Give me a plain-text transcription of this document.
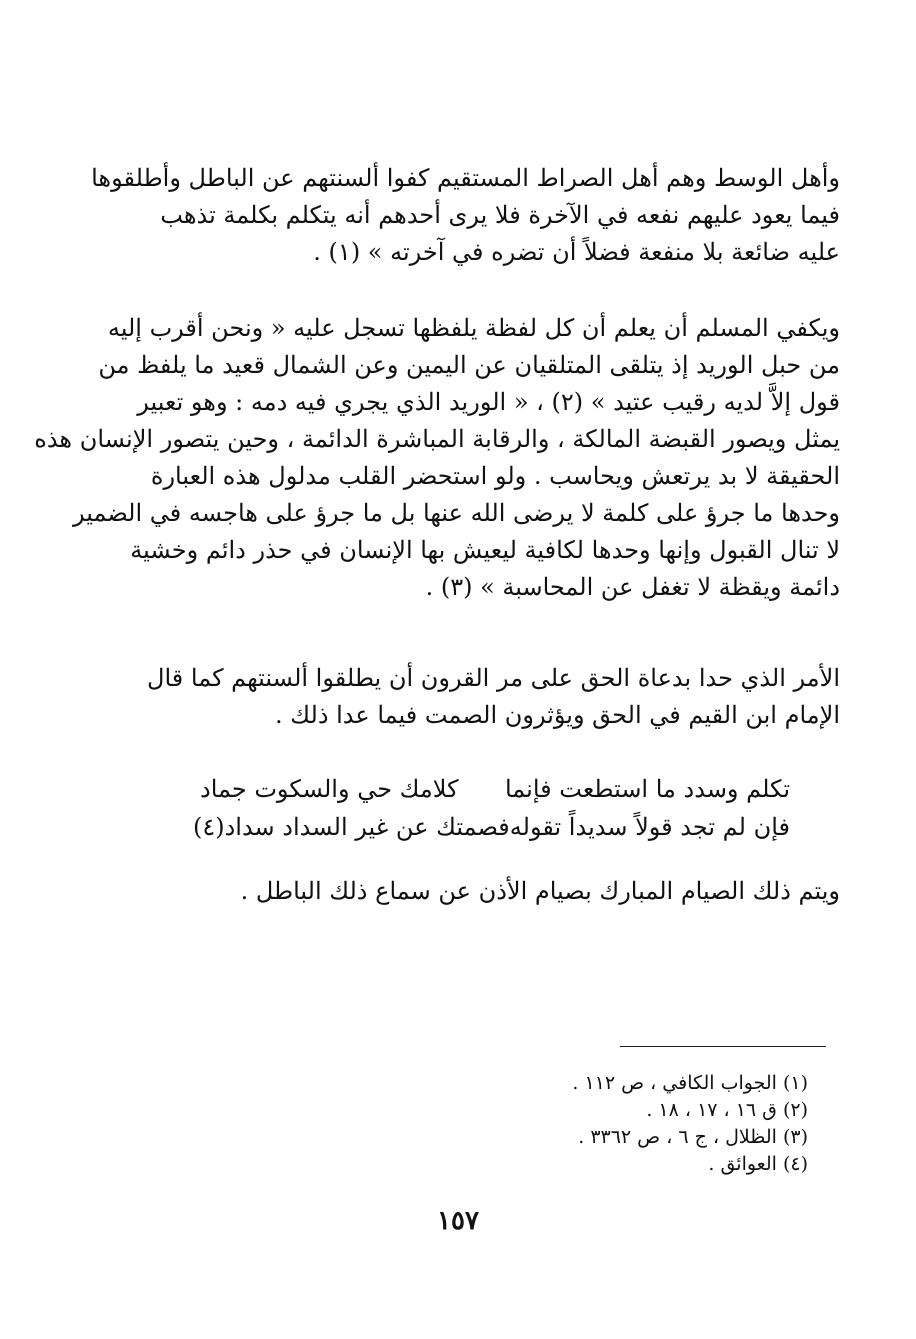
وأهل الوسط وهم أهل الصراط المستقيم كفوا ألسنتهم عن الباطل وأطلقوها
فيما يعود عليهم نفعه في الآخرة فلا يرى أحدهم أنه يتكلم بكلمة تذهب
عليه ضائعة بلا منفعة فضلاً أن تضره في آخرته » (١) .
ويكفي المسلم أن يعلم أن كل لفظة يلفظها تسجل عليه « ونحن أقرب إليه
من حبل الوريد إذ يتلقى المتلقيان عن اليمين وعن الشمال قعيد ما يلفظ من
قول إلاَّ لديه رقيب عتيد » (٢) ، « الوريد الذي يجري فيه دمه : وهو تعبير
يمثل ويصور القبضة المالكة ، والرقابة المباشرة الدائمة ، وحين يتصور الإنسان هذه
الحقيقة لا بد يرتعش ويحاسب . ولو استحضر القلب مدلول هذه العبارة
وحدها ما جرؤ على كلمة لا يرضى الله عنها بل ما جرؤ على هاجسه في الضمير
لا تنال القبول وإنها وحدها لكافية ليعيش بها الإنسان في حذر دائم وخشية
دائمة ويقظة لا تغفل عن المحاسبة » (٣) .
الأمر الذي حدا بدعاة الحق على مر القرون أن يطلقوا ألسنتهم كما قال
الإمام ابن القيم في الحق ويؤثرون الصمت فيما عدا ذلك .
تكلم وسدد ما استطعت فإنما
كلامك حي والسكوت جماد
فإن لم تجد قولاً سديداً تقوله
فصمتك عن غير السداد سداد(٤)
ويتم ذلك الصيام المبارك بصيام الأذن عن سماع ذلك الباطل .
(١) الجواب الكافي ، ص ١١٢ .
(٢) ق ١٦ ، ١٧ ، ١٨ .
(٣) الظلال ، ج ٦ ، ص ٣٣٦٢ .
(٤) العوائق .
١٥٧
